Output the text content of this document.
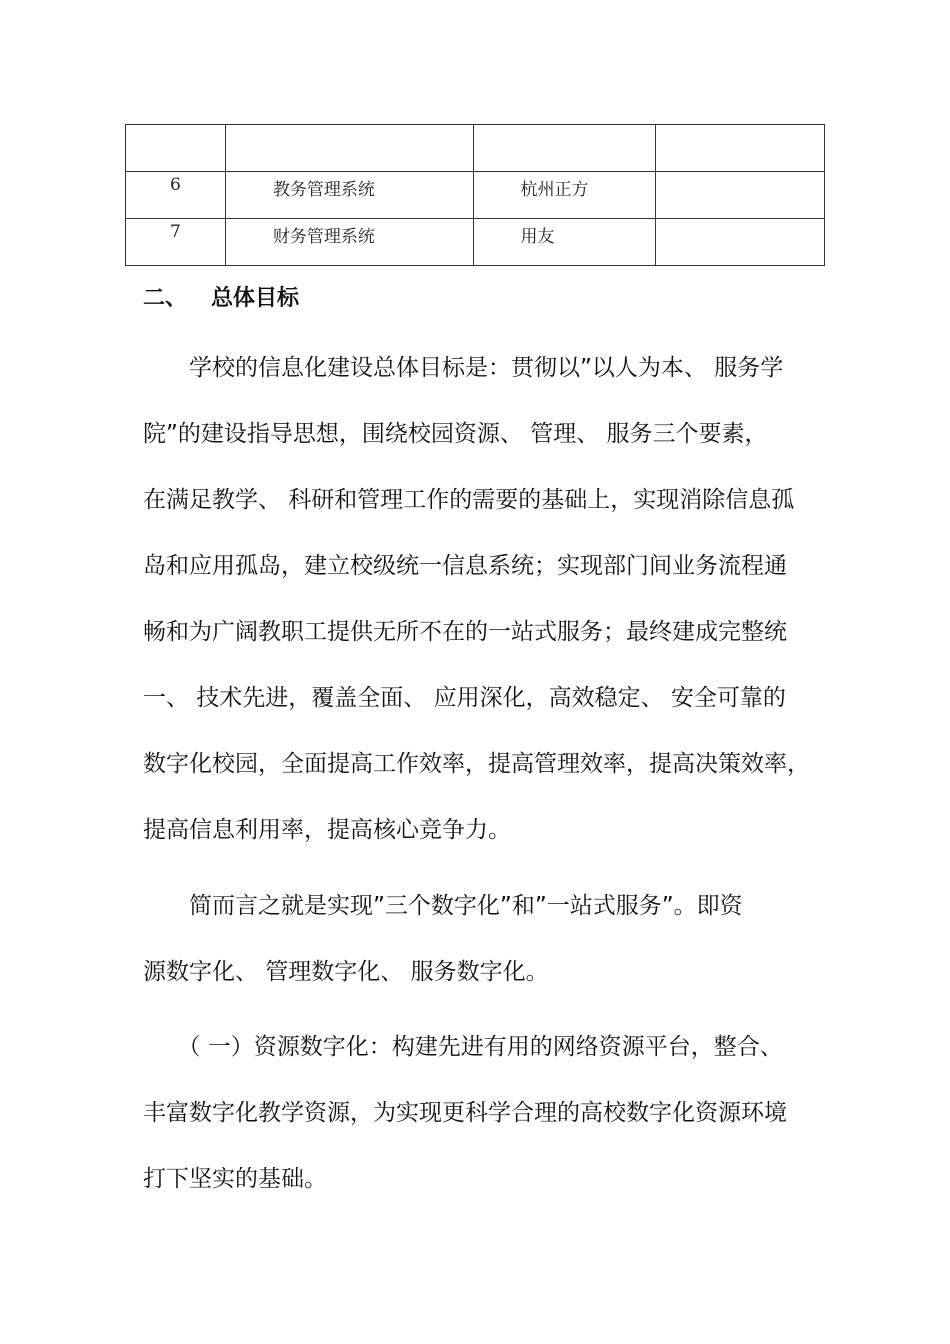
6	教务管理系统	杭州正方	
7	财务管理系统	用友	
二、 总体目标
　　学校的信息化建设总体目标是：贯彻以”以人为本、 服务学
院”的建设指导思想，围绕校园资源、 管理、 服务三个要素，
在满足教学、 科研和管理工作的需要的基础上，实现消除信息孤
岛和应用孤岛，建立校级统一信息系统；实现部门间业务流程通
畅和为广阔教职工提供无所不在的一站式服务；最终建成完整统
一、 技术先进，覆盖全面、 应用深化，高效稳定、 安全可靠的
数字化校园，全面提高工作效率，提高管理效率，提高决策效率，
提高信息利用率，提高核心竞争力。
　　简而言之就是实现”三个数字化”和”一站式服务”。即资
源数字化、 管理数字化、 服务数字化。
　　（ 一）资源数字化：构建先进有用的网络资源平台，整合、
丰富数字化教学资源，为实现更科学合理的高校数字化资源环境
打下坚实的基础。
